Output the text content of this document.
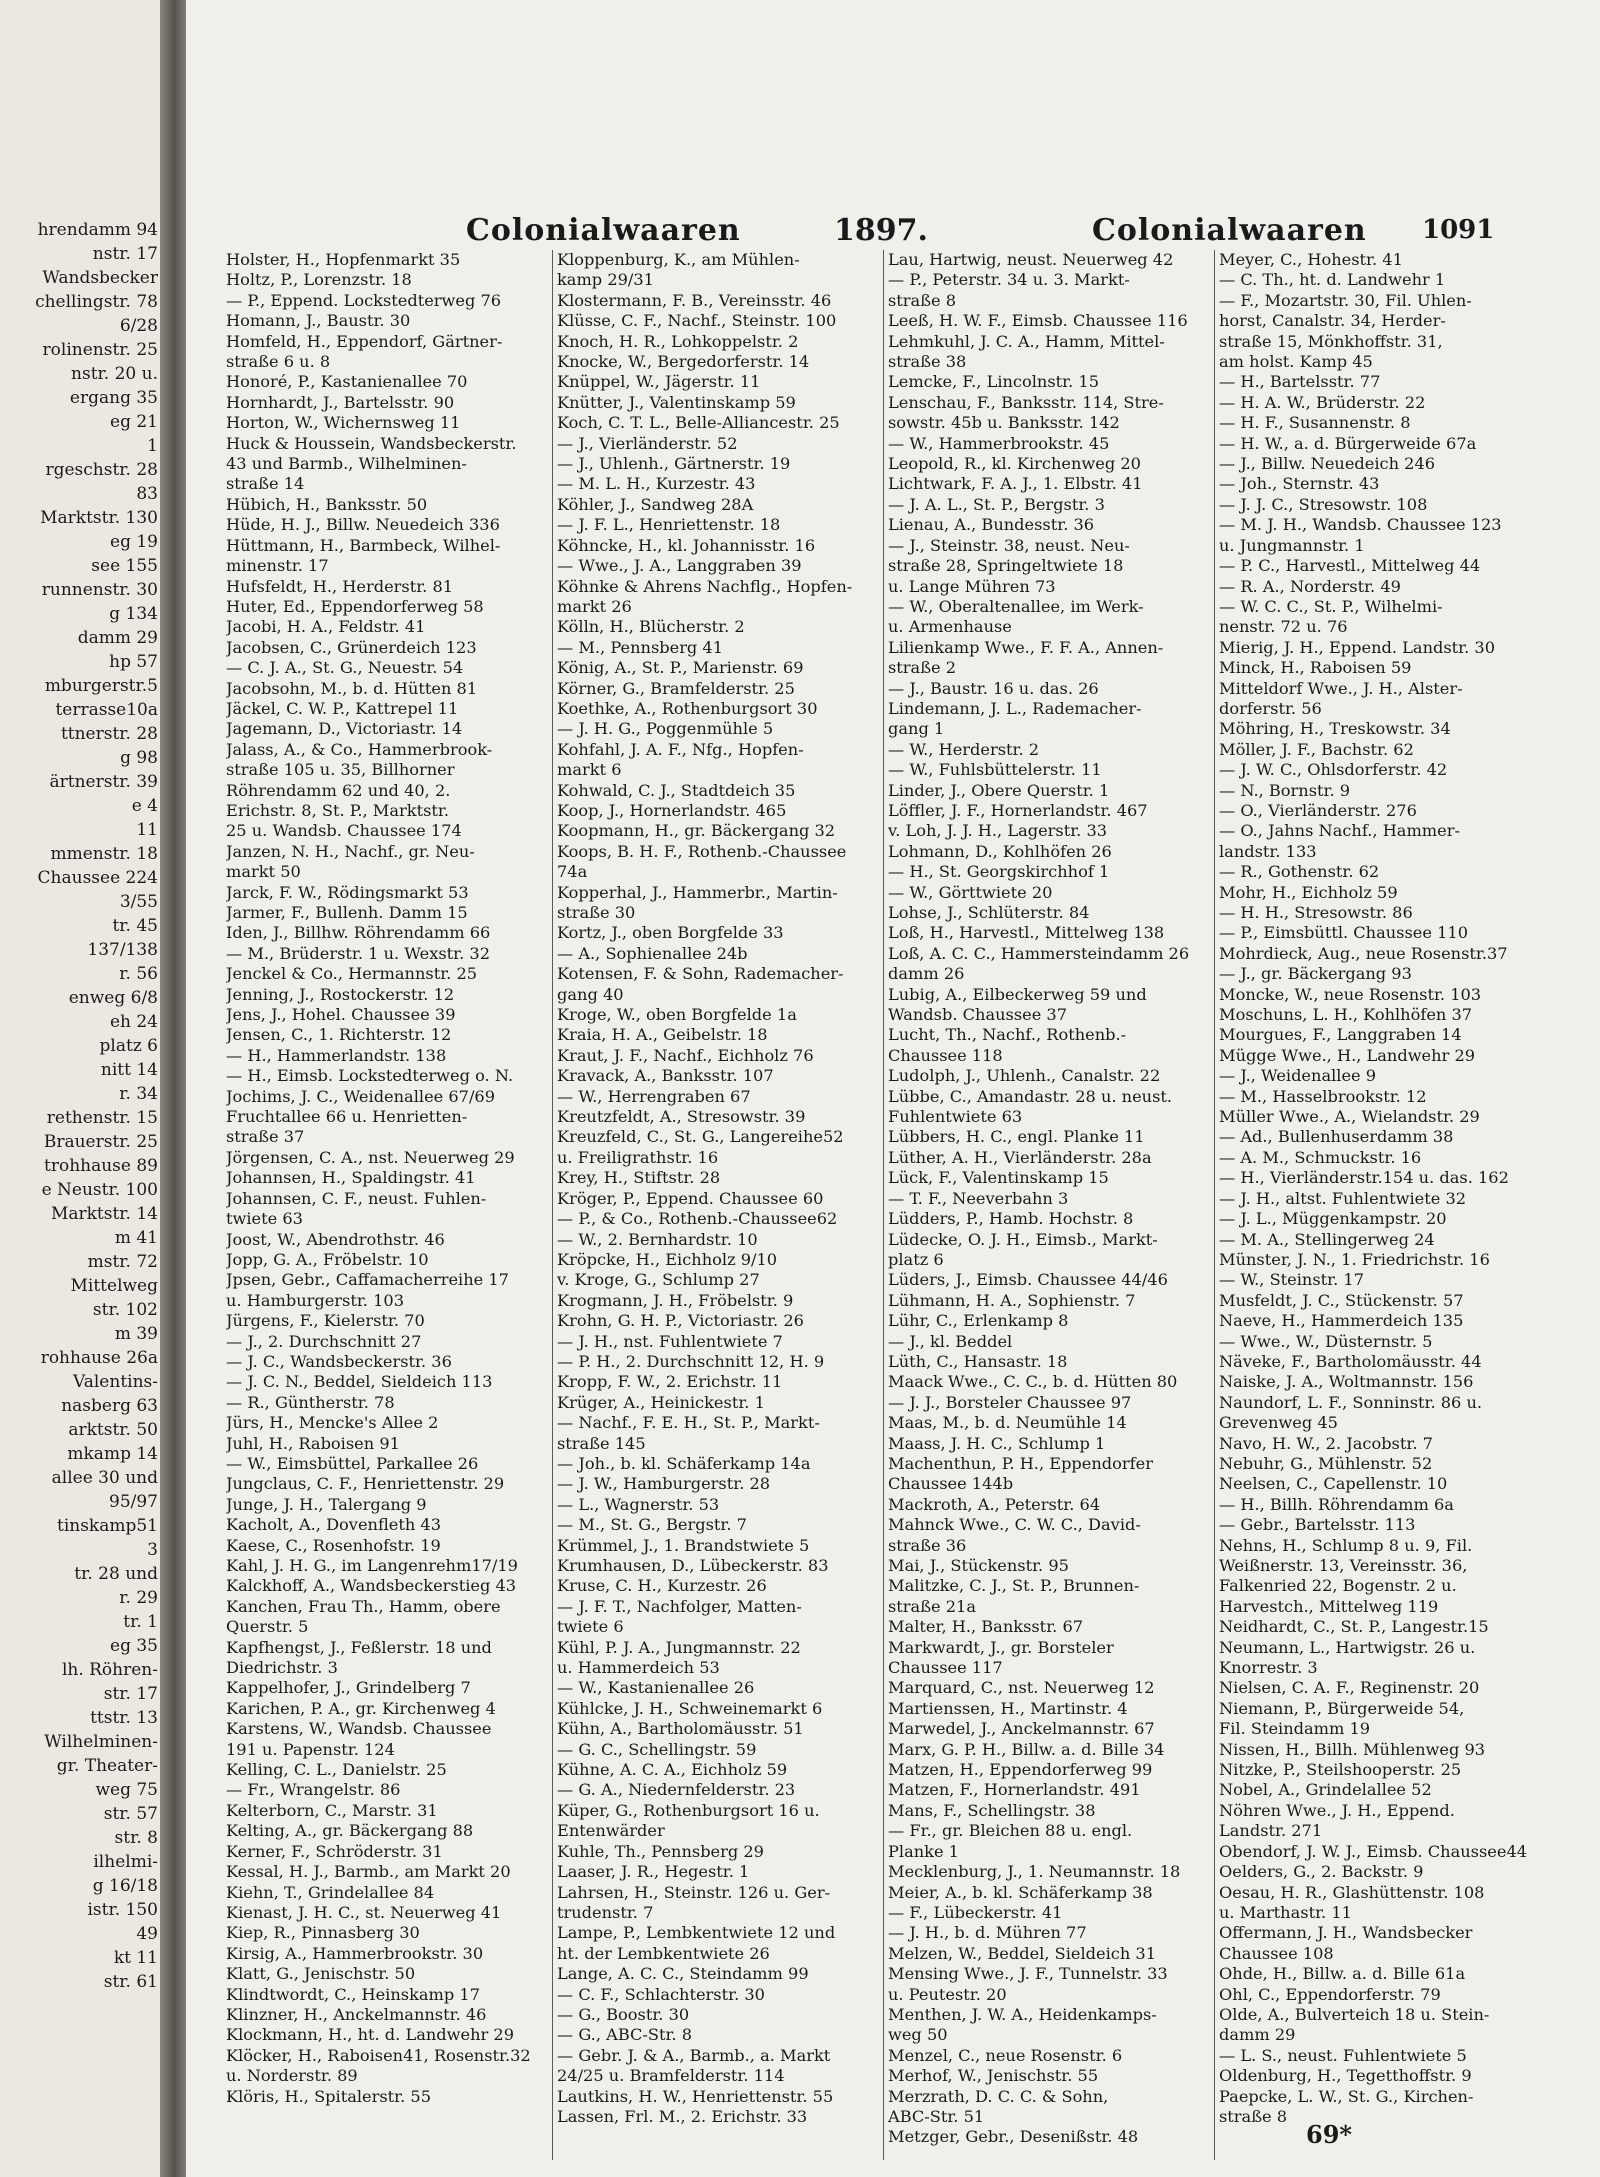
hrendamm 94
nstr. 17
Wandsbecker
chellingstr. 78
6/28
rolinenstr. 25
nstr. 20 u.
ergang 35
eg 21
1
rgeschstr. 28
83
Marktstr. 130
eg 19
see 155
runnenstr. 30
g 134
damm 29
hp 57
mburgerstr.5
terrasse10a
ttnerstr. 28
g 98
ärtnerstr. 39
e 4
11
mmenstr. 18
Chaussee 224
3/55
tr. 45
137/138
r. 56
enweg 6/8
eh 24
platz 6
nitt 14
r. 34
rethenstr. 15
Brauerstr. 25
trohhause 89
e Neustr. 100
Marktstr. 14
m 41
mstr. 72
Mittelweg
str. 102
m 39
rohhause 26a
Valentins-
nasberg 63
arktstr. 50
mkamp 14
allee 30 und
95/97
tinskamp51
3
tr. 28 und
r. 29
tr. 1
eg 35
lh. Röhren-
str. 17
ttstr. 13
Wilhelminen-
gr. Theater-
weg 75
str. 57
str. 8
ilhelmi-
g 16/18
istr. 150
49
kt 11
str. 61
Colonialwaaren	1897.	Colonialwaaren 1091
Holster, H., Hopfenmarkt 35
Holtz, P., Lorenzstr. 18
— P., Eppend. Lockstedterweg 76
Homann, J., Baustr. 30
Homfeld, H., Eppendorf, Gärtner-
straße 6 u. 8
Honoré, P., Kastanienallee 70
Hornhardt, J., Bartelsstr. 90
Horton, W., Wichernsweg 11
Huck & Houssein, Wandsbeckerstr.
43 und Barmb., Wilhelminen-
straße 14
Hübich, H., Banksstr. 50
Hüde, H. J., Billw. Neuedeich 336
Hüttmann, H., Barmbeck, Wilhel-
minenstr. 17
Hufsfeldt, H., Herderstr. 81
Huter, Ed., Eppendorferweg 58
Jacobi, H. A., Feldstr. 41
Jacobsen, C., Grünerdeich 123
— C. J. A., St. G., Neuestr. 54
Jacobsohn, M., b. d. Hütten 81
Jäckel, C. W. P., Kattrepel 11
Jagemann, D., Victoriastr. 14
Jalass, A., & Co., Hammerbrook-
straße 105 u. 35, Billhorner
Röhrendamm 62 und 40, 2.
Erichstr. 8, St. P., Marktstr.
25 u. Wandsb. Chaussee 174
Janzen, N. H., Nachf., gr. Neu-
markt 50
Jarck, F. W., Rödingsmarkt 53
Jarmer, F., Bullenh. Damm 15
Iden, J., Billhw. Röhrendamm 66
— M., Brüderstr. 1 u. Wexstr. 32
Jenckel & Co., Hermannstr. 25
Jenning, J., Rostockerstr. 12
Jens, J., Hohel. Chaussee 39
Jensen, C., 1. Richterstr. 12
— H., Hammerlandstr. 138
— H., Eimsb. Lockstedterweg o. N.
Jochims, J. C., Weidenallee 67/69
Fruchtallee 66 u. Henrietten-
straße 37
Jörgensen, C. A., nst. Neuerweg 29
Johannsen, H., Spaldingstr. 41
Johannsen, C. F., neust. Fuhlen-
twiete 63
Joost, W., Abendrothstr. 46
Jopp, G. A., Fröbelstr. 10
Jpsen, Gebr., Caffamacherreihe 17
u. Hamburgerstr. 103
Jürgens, F., Kielerstr. 70
— J., 2. Durchschnitt 27
— J. C., Wandsbeckerstr. 36
— J. C. N., Beddel, Sieldeich 113
— R., Güntherstr. 78
Jürs, H., Mencke's Allee 2
Juhl, H., Raboisen 91
— W., Eimsbüttel, Parkallee 26
Jungclaus, C. F., Henriettenstr. 29
Junge, J. H., Talergang 9
Kacholt, A., Dovenfleth 43
Kaese, C., Rosenhofstr. 19
Kahl, J. H. G., im Langenrehm17/19
Kalckhoff, A., Wandsbeckerstieg 43
Kanchen, Frau Th., Hamm, obere
Querstr. 5
Kapfhengst, J., Feßlerstr. 18 und
Diedrichstr. 3
Kappelhofer, J., Grindelberg 7
Karichen, P. A., gr. Kirchenweg 4
Karstens, W., Wandsb. Chaussee
191 u. Papenstr. 124
Kelling, C. L., Danielstr. 25
— Fr., Wrangelstr. 86
Kelterborn, C., Marstr. 31
Kelting, A., gr. Bäckergang 88
Kerner, F., Schröderstr. 31
Kessal, H. J., Barmb., am Markt 20
Kiehn, T., Grindelallee 84
Kienast, J. H. C., st. Neuerweg 41
Kiep, R., Pinnasberg 30
Kirsig, A., Hammerbrookstr. 30
Klatt, G., Jenischstr. 50
Klindtwordt, C., Heinskamp 17
Klinzner, H., Anckelmannstr. 46
Klockmann, H., ht. d. Landwehr 29
Klöcker, H., Raboisen41, Rosenstr.32
u. Norderstr. 89
Klöris, H., Spitalerstr. 55
Kloppenburg, K., am Mühlen-
kamp 29/31
Klostermann, F. B., Vereinsstr. 46
Klüsse, C. F., Nachf., Steinstr. 100
Knoch, H. R., Lohkoppelstr. 2
Knocke, W., Bergedorferstr. 14
Knüppel, W., Jägerstr. 11
Knütter, J., Valentinskamp 59
Koch, C. T. L., Belle-Alliancestr. 25
— J., Vierländerstr. 52
— J., Uhlenh., Gärtnerstr. 19
— M. L. H., Kurzestr. 43
Köhler, J., Sandweg 28A
— J. F. L., Henriettenstr. 18
Köhncke, H., kl. Johannisstr. 16
— Wwe., J. A., Langgraben 39
Köhnke & Ahrens Nachflg., Hopfen-
markt 26
Kölln, H., Blücherstr. 2
— M., Pennsberg 41
König, A., St. P., Marienstr. 69
Körner, G., Bramfelderstr. 25
Koethke, A., Rothenburgsort 30
— J. H. G., Poggenmühle 5
Kohfahl, J. A. F., Nfg., Hopfen-
markt 6
Kohwald, C. J., Stadtdeich 35
Koop, J., Hornerlandstr. 465
Koopmann, H., gr. Bäckergang 32
Koops, B. H. F., Rothenb.-Chaussee
74a
Kopperhal, J., Hammerbr., Martin-
straße 30
Kortz, J., oben Borgfelde 33
— A., Sophienallee 24b
Kotensen, F. & Sohn, Rademacher-
gang 40
Kroge, W., oben Borgfelde 1a
Kraia, H. A., Geibelstr. 18
Kraut, J. F., Nachf., Eichholz 76
Kravack, A., Banksstr. 107
— W., Herrengraben 67
Kreutzfeldt, A., Stresowstr. 39
Kreuzfeld, C., St. G., Langereihe52
u. Freiligrathstr. 16
Krey, H., Stiftstr. 28
Kröger, P., Eppend. Chaussee 60
— P., & Co., Rothenb.-Chaussee62
— W., 2. Bernhardstr. 10
Kröpcke, H., Eichholz 9/10
v. Kroge, G., Schlump 27
Krogmann, J. H., Fröbelstr. 9
Krohn, G. H. P., Victoriastr. 26
— J. H., nst. Fuhlentwiete 7
— P. H., 2. Durchschnitt 12, H. 9
Kropp, F. W., 2. Erichstr. 11
Krüger, A., Heinickestr. 1
— Nachf., F. E. H., St. P., Markt-
straße 145
— Joh., b. kl. Schäferkamp 14a
— J. W., Hamburgerstr. 28
— L., Wagnerstr. 53
— M., St. G., Bergstr. 7
Krümmel, J., 1. Brandstwiete 5
Krumhausen, D., Lübeckerstr. 83
Kruse, C. H., Kurzestr. 26
— J. F. T., Nachfolger, Matten-
twiete 6
Kühl, P. J. A., Jungmannstr. 22
u. Hammerdeich 53
— W., Kastanienallee 26
Kühlcke, J. H., Schweinemarkt 6
Kühn, A., Bartholomäusstr. 51
— G. C., Schellingstr. 59
Kühne, A. C. A., Eichholz 59
— G. A., Niedernfelderstr. 23
Küper, G., Rothenburgsort 16 u.
Entenwärder
Kuhle, Th., Pennsberg 29
Laaser, J. R., Hegestr. 1
Lahrsen, H., Steinstr. 126 u. Ger-
trudenstr. 7
Lampe, P., Lembkentwiete 12 und
ht. der Lembkentwiete 26
Lange, A. C. C., Steindamm 99
— C. F., Schlachterstr. 30
— G., Boostr. 30
— G., ABC-Str. 8
— Gebr. J. & A., Barmb., a. Markt
24/25 u. Bramfelderstr. 114
Lautkins, H. W., Henriettenstr. 55
Lassen, Frl. M., 2. Erichstr. 33
Lau, Hartwig, neust. Neuerweg 42
— P., Peterstr. 34 u. 3. Markt-
straße 8
Leeß, H. W. F., Eimsb. Chaussee 116
Lehmkuhl, J. C. A., Hamm, Mittel-
straße 38
Lemcke, F., Lincolnstr. 15
Lenschau, F., Banksstr. 114, Stre-
sowstr. 45b u. Banksstr. 142
— W., Hammerbrookstr. 45
Leopold, R., kl. Kirchenweg 20
Lichtwark, F. A. J., 1. Elbstr. 41
— J. A. L., St. P., Bergstr. 3
Lienau, A., Bundesstr. 36
— J., Steinstr. 38, neust. Neu-
straße 28, Springeltwiete 18
u. Lange Mühren 73
— W., Oberaltenallee, im Werk-
u. Armenhause
Lilienkamp Wwe., F. F. A., Annen-
straße 2
— J., Baustr. 16 u. das. 26
Lindemann, J. L., Rademacher-
gang 1
— W., Herderstr. 2
— W., Fuhlsbüttelerstr. 11
Linder, J., Obere Querstr. 1
Löffler, J. F., Hornerlandstr. 467
v. Loh, J. J. H., Lagerstr. 33
Lohmann, D., Kohlhöfen 26
— H., St. Georgskirchhof 1
— W., Görttwiete 20
Lohse, J., Schlüterstr. 84
Loß, H., Harvestl., Mittelweg 138
Loß, A. C. C., Hammersteindamm 26
damm 26
Lubig, A., Eilbeckerweg 59 und
Wandsb. Chaussee 37
Lucht, Th., Nachf., Rothenb.-
Chaussee 118
Ludolph, J., Uhlenh., Canalstr. 22
Lübbe, C., Amandastr. 28 u. neust.
Fuhlentwiete 63
Lübbers, H. C., engl. Planke 11
Lüther, A. H., Vierländerstr. 28a
Lück, F., Valentinskamp 15
— T. F., Neeverbahn 3
Lüdders, P., Hamb. Hochstr. 8
Lüdecke, O. J. H., Eimsb., Markt-
platz 6
Lüders, J., Eimsb. Chaussee 44/46
Lühmann, H. A., Sophienstr. 7
Lühr, C., Erlenkamp 8
— J., kl. Beddel
Lüth, C., Hansastr. 18
Maack Wwe., C. C., b. d. Hütten 80
— J. J., Borsteler Chaussee 97
Maas, M., b. d. Neumühle 14
Maass, J. H. C., Schlump 1
Machenthun, P. H., Eppendorfer
Chaussee 144b
Mackroth, A., Peterstr. 64
Mahnck Wwe., C. W. C., David-
straße 36
Mai, J., Stückenstr. 95
Malitzke, C. J., St. P., Brunnen-
straße 21a
Malter, H., Banksstr. 67
Markwardt, J., gr. Borsteler
Chaussee 117
Marquard, C., nst. Neuerweg 12
Martienssen, H., Martinstr. 4
Marwedel, J., Anckelmannstr. 67
Marx, G. P. H., Billw. a. d. Bille 34
Matzen, H., Eppendorferweg 99
Matzen, F., Hornerlandstr. 491
Mans, F., Schellingstr. 38
— Fr., gr. Bleichen 88 u. engl.
Planke 1
Mecklenburg, J., 1. Neumannstr. 18
Meier, A., b. kl. Schäferkamp 38
— F., Lübeckerstr. 41
— J. H., b. d. Mühren 77
Melzen, W., Beddel, Sieldeich 31
Mensing Wwe., J. F., Tunnelstr. 33
u. Peutestr. 20
Menthen, J. W. A., Heidenkamps-
weg 50
Menzel, C., neue Rosenstr. 6
Merhof, W., Jenischstr. 55
Merzrath, D. C. C. & Sohn,
ABC-Str. 51
Metzger, Gebr., Desenißstr. 48
Meyer, C., Hohestr. 41
— C. Th., ht. d. Landwehr 1
— F., Mozartstr. 30, Fil. Uhlen-
horst, Canalstr. 34, Herder-
straße 15, Mönkhoffstr. 31,
am holst. Kamp 45
— H., Bartelsstr. 77
— H. A. W., Brüderstr. 22
— H. F., Susannenstr. 8
— H. W., a. d. Bürgerweide 67a
— J., Billw. Neuedeich 246
— Joh., Sternstr. 43
— J. J. C., Stresowstr. 108
— M. J. H., Wandsb. Chaussee 123
u. Jungmannstr. 1
— P. C., Harvestl., Mittelweg 44
— R. A., Norderstr. 49
— W. C. C., St. P., Wilhelmi-
nenstr. 72 u. 76
Mierig, J. H., Eppend. Landstr. 30
Minck, H., Raboisen 59
Mitteldorf Wwe., J. H., Alster-
dorferstr. 56
Möhring, H., Treskowstr. 34
Möller, J. F., Bachstr. 62
— J. W. C., Ohlsdorferstr. 42
— N., Bornstr. 9
— O., Vierländerstr. 276
— O., Jahns Nachf., Hammer-
landstr. 133
— R., Gothenstr. 62
Mohr, H., Eichholz 59
— H. H., Stresowstr. 86
— P., Eimsbüttl. Chaussee 110
Mohrdieck, Aug., neue Rosenstr.37
— J., gr. Bäckergang 93
Moncke, W., neue Rosenstr. 103
Moschuns, L. H., Kohlhöfen 37
Mourgues, F., Langgraben 14
Mügge Wwe., H., Landwehr 29
— J., Weidenallee 9
— M., Hasselbrookstr. 12
Müller Wwe., A., Wielandstr. 29
— Ad., Bullenhuserdamm 38
— A. M., Schmuckstr. 16
— H., Vierländerstr.154 u. das. 162
— J. H., altst. Fuhlentwiete 32
— J. L., Müggenkampstr. 20
— M. A., Stellingerweg 24
Münster, J. N., 1. Friedrichstr. 16
— W., Steinstr. 17
Musfeldt, J. C., Stückenstr. 57
Naeve, H., Hammerdeich 135
— Wwe., W., Düsternstr. 5
Näveke, F., Bartholomäusstr. 44
Naiske, J. A., Woltmannstr. 156
Naundorf, L. F., Sonninstr. 86 u.
Grevenweg 45
Navo, H. W., 2. Jacobstr. 7
Nebuhr, G., Mühlenstr. 52
Neelsen, C., Capellenstr. 10
— H., Billh. Röhrendamm 6a
— Gebr., Bartelsstr. 113
Nehns, H., Schlump 8 u. 9, Fil.
Weißnerstr. 13, Vereinsstr. 36,
Falkenried 22, Bogenstr. 2 u.
Harvestch., Mittelweg 119
Neidhardt, C., St. P., Langestr.15
Neumann, L., Hartwigstr. 26 u.
Knorrestr. 3
Nielsen, C. A. F., Reginenstr. 20
Niemann, P., Bürgerweide 54,
Fil. Steindamm 19
Nissen, H., Billh. Mühlenweg 93
Nitzke, P., Steilshooperstr. 25
Nobel, A., Grindelallee 52
Nöhren Wwe., J. H., Eppend.
Landstr. 271
Obendorf, J. W. J., Eimsb. Chaussee44
Oelders, G., 2. Backstr. 9
Oesau, H. R., Glashüttenstr. 108
u. Marthastr. 11
Offermann, J. H., Wandsbecker
Chaussee 108
Ohde, H., Billw. a. d. Bille 61a
Ohl, C., Eppendorferstr. 79
Olde, A., Bulverteich 18 u. Stein-
damm 29
— L. S., neust. Fuhlentwiete 5
Oldenburg, H., Tegetthoffstr. 9
Paepcke, L. W., St. G., Kirchen-
straße 8
69*
